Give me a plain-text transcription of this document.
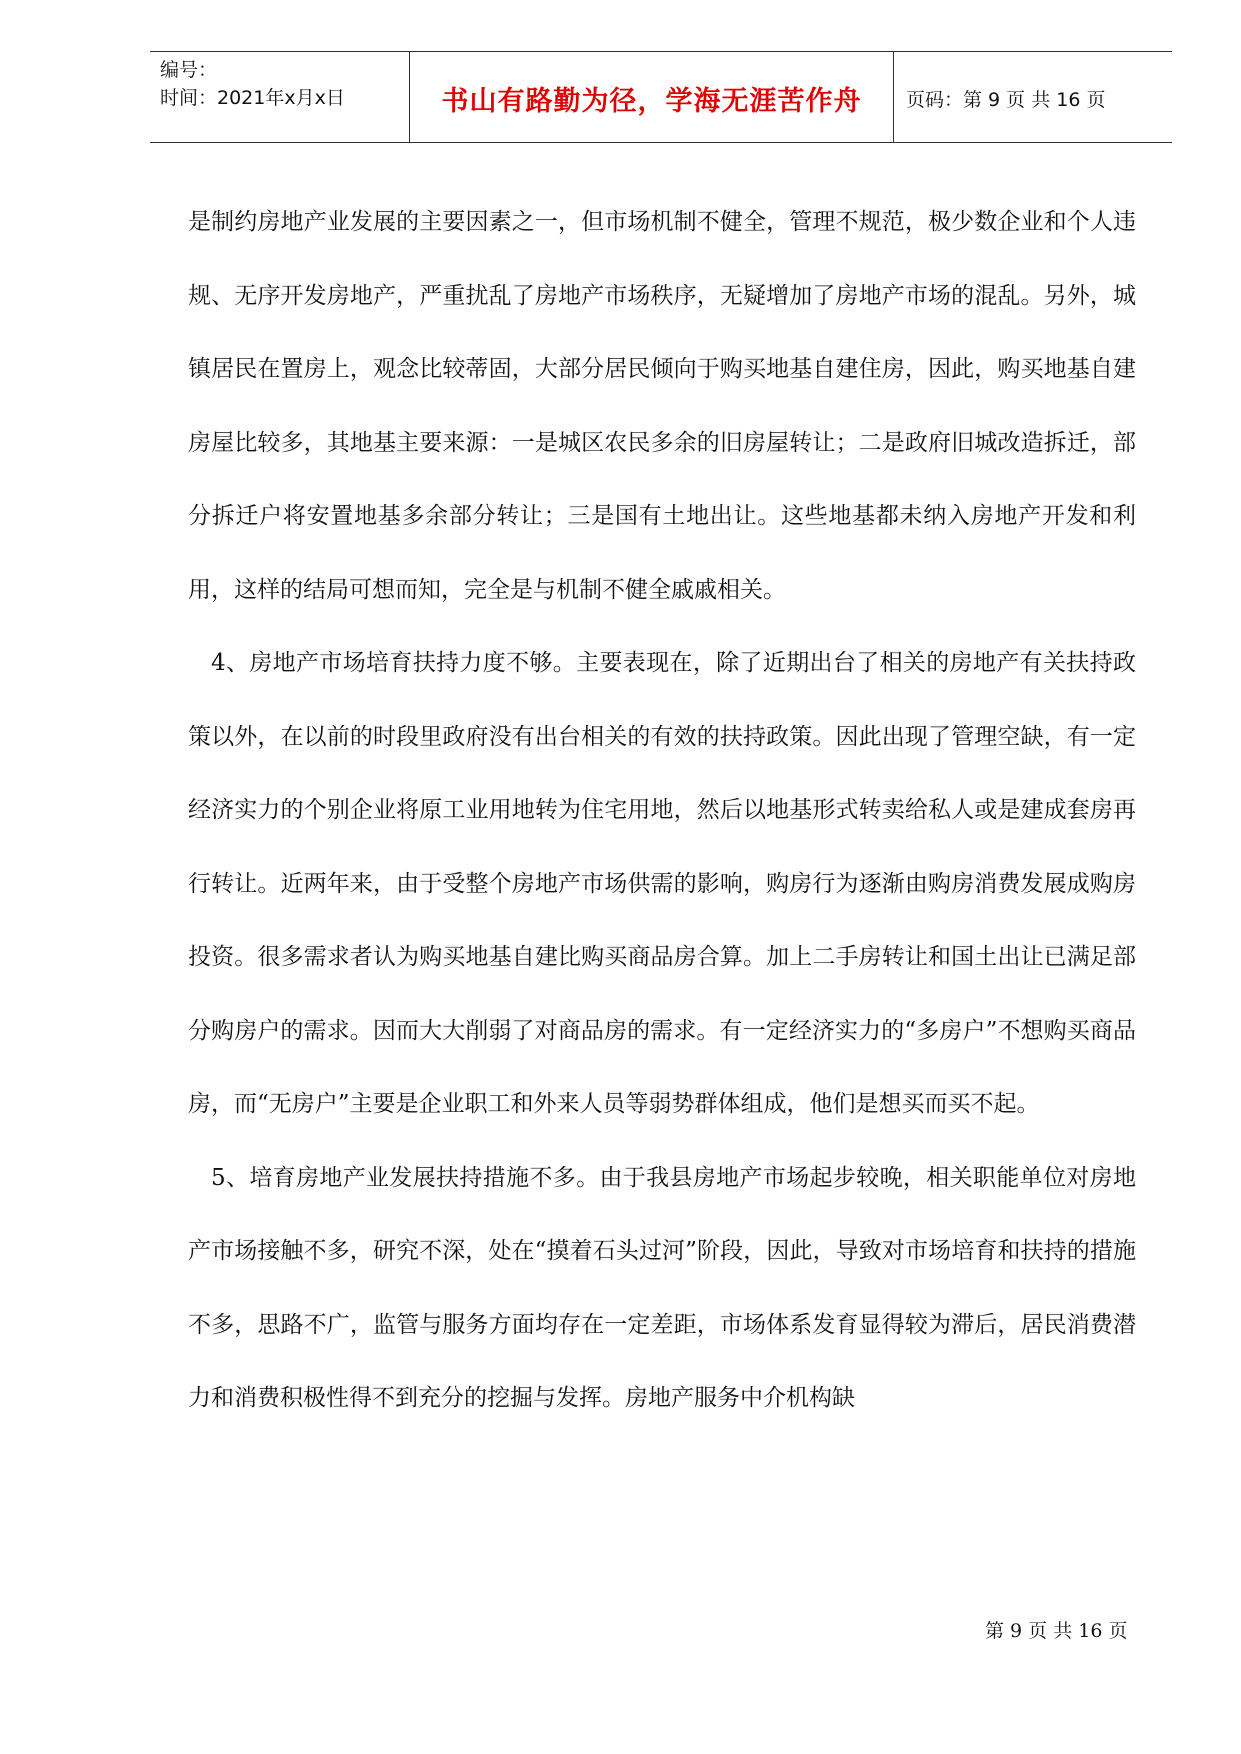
编号：
时间：2021年x月x日	书山有路勤为径，学海无涯苦作舟	页码：第 9 页 共 16 页

是制约房地产业发展的主要因素之一，但市场机制不健全，管理不规范，极少数企业和个人违规、无序开发房地产，严重扰乱了房地产市场秩序，无疑增加了房地产市场的混乱。另外，城镇居民在置房上，观念比较蒂固，大部分居民倾向于购买地基自建住房，因此，购买地基自建房屋比较多，其地基主要来源：一是城区农民多余的旧房屋转让；二是政府旧城改造拆迁，部分拆迁户将安置地基多余部分转让；三是国有土地出让。这些地基都未纳入房地产开发和利用，这样的结局可想而知，完全是与机制不健全戚戚相关。

4、房地产市场培育扶持力度不够。主要表现在，除了近期出台了相关的房地产有关扶持政策以外，在以前的时段里政府没有出台相关的有效的扶持政策。因此出现了管理空缺，有一定经济实力的个别企业将原工业用地转为住宅用地，然后以地基形式转卖给私人或是建成套房再行转让。近两年来，由于受整个房地产市场供需的影响，购房行为逐渐由购房消费发展成购房投资。很多需求者认为购买地基自建比购买商品房合算。加上二手房转让和国土出让已满足部分购房户的需求。因而大大削弱了对商品房的需求。有一定经济实力的“多房户”不想购买商品房，而“无房户”主要是企业职工和外来人员等弱势群体组成，他们是想买而买不起。

5、培育房地产业发展扶持措施不多。由于我县房地产市场起步较晚，相关职能单位对房地产市场接触不多，研究不深，处在“摸着石头过河”阶段，因此，导致对市场培育和扶持的措施不多，思路不广，监管与服务方面均存在一定差距，市场体系发育显得较为滞后，居民消费潜力和消费积极性得不到充分的挖掘与发挥。房地产服务中介机构缺

第 9 页 共 16 页
